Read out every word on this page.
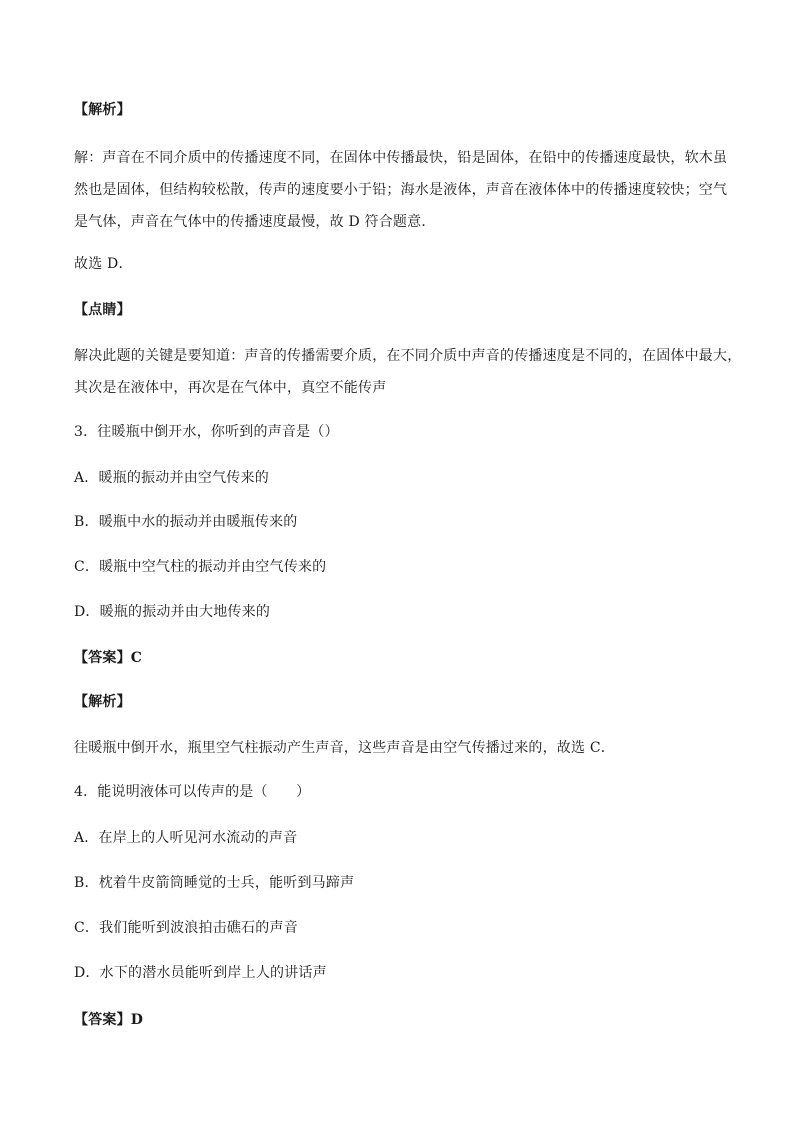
【解析】
解：声音在不同介质中的传播速度不同，在固体中传播最快，铅是固体，在铅中的传播速度最快，软木虽
然也是固体，但结构较松散，传声的速度要小于铅；海水是液体，声音在液体体中的传播速度较快；空气
是气体，声音在气体中的传播速度最慢，故 D 符合题意．
故选 D．
【点睛】
解决此题的关键是要知道：声音的传播需要介质，在不同介质中声音的传播速度是不同的，在固体中最大，
其次是在液体中，再次是在气体中，真空不能传声
3．往暖瓶中倒开水，你听到的声音是（）
A．暖瓶的振动并由空气传来的
B．暖瓶中水的振动并由暖瓶传来的
C．暖瓶中空气柱的振动并由空气传来的
D．暖瓶的振动并由大地传来的
【答案】C
【解析】
往暖瓶中倒开水，瓶里空气柱振动产生声音，这些声音是由空气传播过来的，故选 C．
4．能说明液体可以传声的是（　　）
A．在岸上的人听见河水流动的声音
B．枕着牛皮箭筒睡觉的士兵，能听到马蹄声
C．我们能听到波浪拍击礁石的声音
D．水下的潜水员能听到岸上人的讲话声
【答案】D
